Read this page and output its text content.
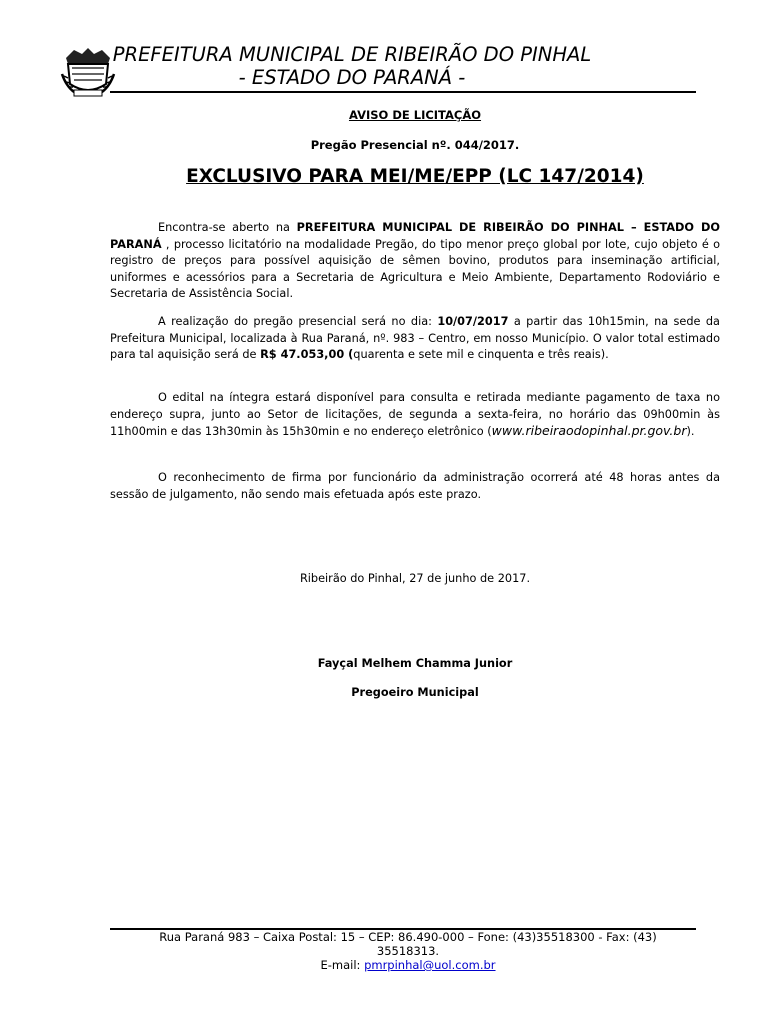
PREFEITURA MUNICIPAL DE RIBEIRÃO DO PINHAL
- ESTADO DO PARANÁ -
AVISO DE LICITAÇÃO
Pregão Presencial nº. 044/2017.
EXCLUSIVO PARA MEI/ME/EPP (LC 147/2014)

Encontra-se aberto na PREFEITURA MUNICIPAL DE RIBEIRÃO DO PINHAL – ESTADO DO PARANÁ , processo licitatório na modalidade Pregão, do tipo menor preço global por lote, cujo objeto é o registro de preços para possível aquisição de sêmen bovino, produtos para inseminação artificial, uniformes e acessórios para a Secretaria de Agricultura e Meio Ambiente, Departamento Rodoviário e Secretaria de Assistência Social.

A realização do pregão presencial será no dia: 10/07/2017 a partir das 10h15min, na sede da Prefeitura Municipal, localizada à Rua Paraná, nº. 983 – Centro, em nosso Município. O valor total estimado para tal aquisição será de R$ 47.053,00 (quarenta e sete mil e cinquenta e três reais).

O edital na íntegra estará disponível para consulta e retirada mediante pagamento de taxa no endereço supra, junto ao Setor de licitações, de segunda a sexta-feira, no horário das 09h00min às 11h00min e das 13h30min às 15h30min e no endereço eletrônico (www.ribeiraodopinhal.pr.gov.br).

O reconhecimento de firma por funcionário da administração ocorrerá até 48 horas antes da sessão de julgamento, não sendo mais efetuada após este prazo.

Ribeirão do Pinhal, 27 de junho de 2017.
Fayçal Melhem Chamma Junior
Pregoeiro Municipal
Rua Paraná 983 – Caixa Postal: 15 – CEP: 86.490-000 – Fone: (43)35518300 - Fax: (43)
35518313.
E-mail: pmrpinhal@uol.com.br
